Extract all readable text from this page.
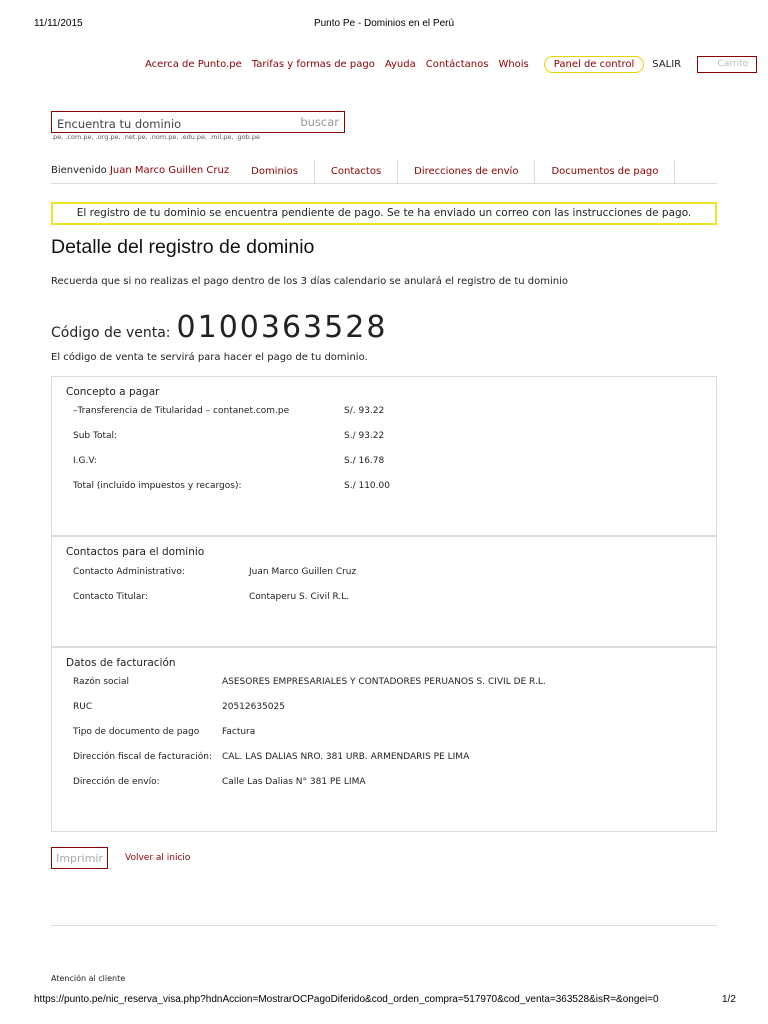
11/11/2015	Punto Pe - Dominios en el Perú
Acerca de Punto.pe Tarifas y formas de pago Ayuda Contáctanos Whois	Panel de control	SALIR	Carrito
Encuentra tu dominio	buscar
.pe, .com.pe, .org.pe, .net.pe, .nom.pe, .edu.pe, .mil.pe, .gob.pe
Bienvenido Juan Marco Guillen Cruz	Dominios	Contactos	Direcciones de envío	Documentos de pago
El registro de tu dominio se encuentra pendiente de pago. Se te ha enviado un correo con las instrucciones de pago.
Detalle del registro de dominio
Recuerda que si no realizas el pago dentro de los 3 días calendario se anulará el registro de tu dominio
Código de venta: 0100363528
El código de venta te servirá para hacer el pago de tu dominio.
Concepto a pagar
–Transferencia de Titularidad – contanet.com.pe	S/. 93.22
Sub Total:	S./ 93.22
I.G.V:	S./ 16.78
Total (incluido impuestos y recargos):	S./ 110.00
Contactos para el dominio
Contacto Administrativo:	Juan Marco Guillen Cruz
Contacto Titular:	Contaperu S. Civil R.L.
Datos de facturación
Razón social	ASESORES EMPRESARIALES Y CONTADORES PERUANOS S. CIVIL DE R.L.
RUC	20512635025
Tipo de documento de pago	Factura
Dirección fiscal de facturación: CAL. LAS DALIAS NRO. 381 URB. ARMENDARIS PE LIMA
Dirección de envío:	Calle Las Dalias N° 381 PE LIMA
Imprimir	Volver al inicio
Atención al cliente
https://punto.pe/nic_reserva_visa.php?hdnAccion=MostrarOCPagoDiferido&cod_orden_compra=517970&cod_venta=363528&isR=&ongei=0	1/2
